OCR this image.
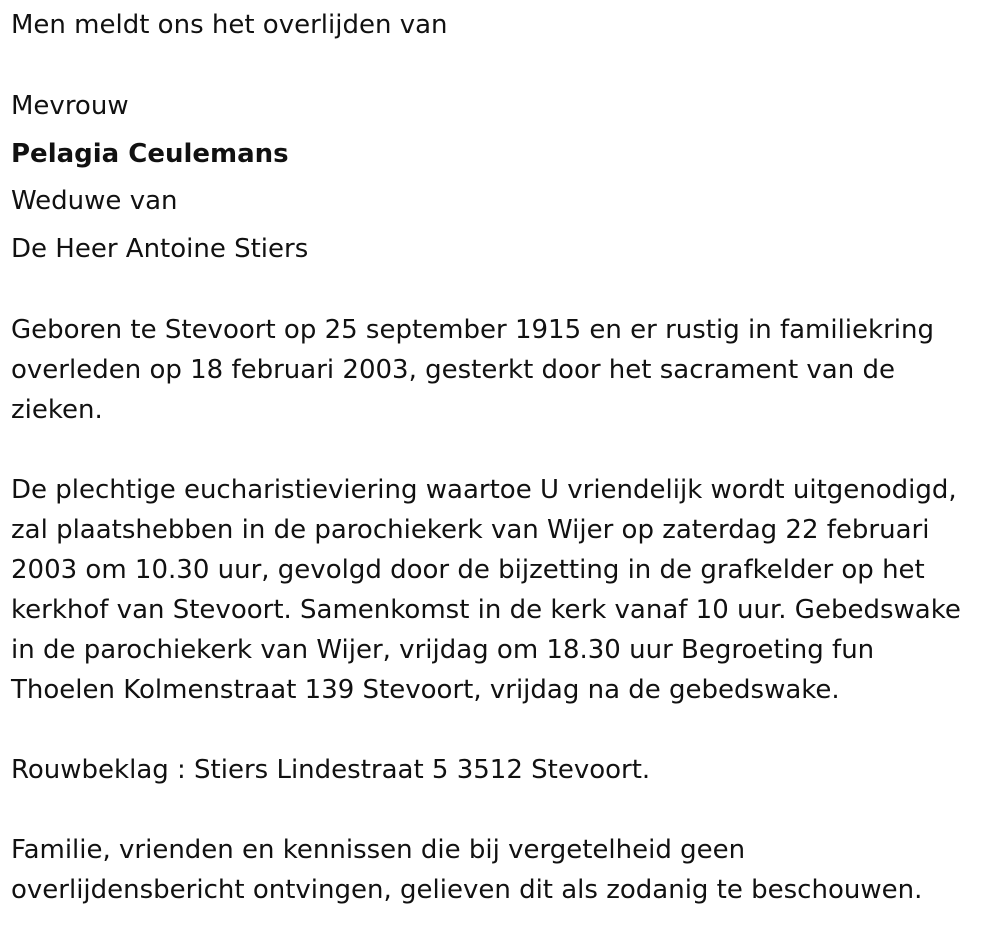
Men meldt ons het overlijden van
Mevrouw
Pelagia Ceulemans
Weduwe van
De Heer Antoine Stiers
Geboren te Stevoort op 25 september 1915 en er rustig in familiekring
overleden op 18 februari 2003, gesterkt door het sacrament van de
zieken.
De plechtige eucharistieviering waartoe U vriendelijk wordt uitgenodigd,
zal plaatshebben in de parochiekerk van Wijer op zaterdag 22 februari
2003 om 10.30 uur, gevolgd door de bijzetting in de grafkelder op het
kerkhof van Stevoort. Samenkomst in de kerk vanaf 10 uur. Gebedswake
in de parochiekerk van Wijer, vrijdag om 18.30 uur Begroeting fun
Thoelen Kolmenstraat 139 Stevoort, vrijdag na de gebedswake.
Rouwbeklag : Stiers Lindestraat 5 3512 Stevoort.
Familie, vrienden en kennissen die bij vergetelheid geen
overlijdensbericht ontvingen, gelieven dit als zodanig te beschouwen.
